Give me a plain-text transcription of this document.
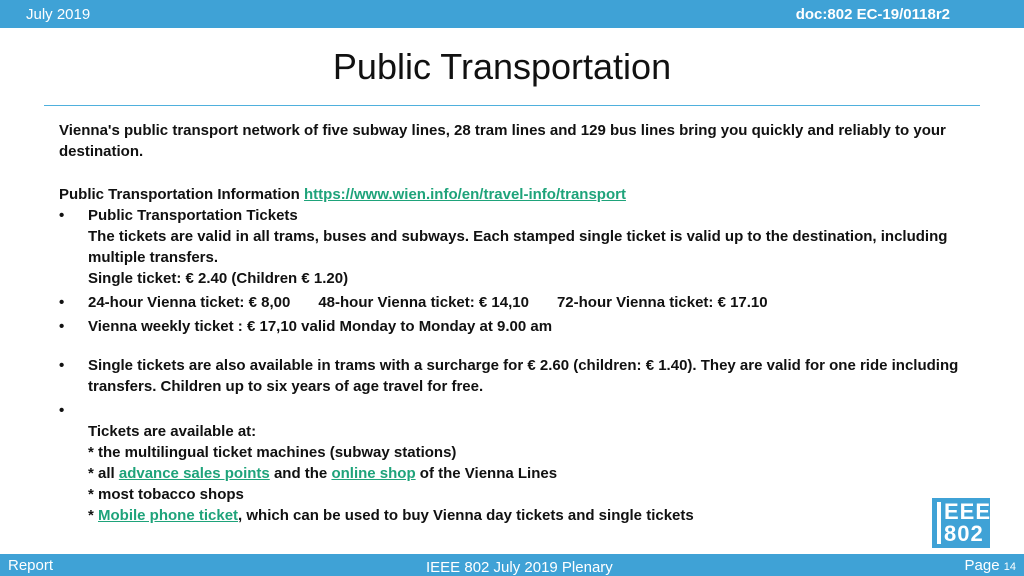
July 2019	doc:802 EC-19/0118r2
Public Transportation

Vienna's public transport network of five subway lines, 28 tram lines and 129 bus lines bring you quickly and reliably to your destination.

Public Transportation Information https://www.wien.info/en/travel-info/transport

• Public Transportation Tickets
The tickets are valid in all trams, buses and subways. Each stamped single ticket is valid up to the destination, including multiple transfers.
Single ticket: € 2.40 (Children € 1.20)
• 24-hour Vienna ticket: € 8,00 48-hour Vienna ticket: € 14,10 72-hour Vienna ticket: € 17.10
• Vienna weekly ticket : € 17,10 valid Monday to Monday at 9.00 am
• Single tickets are also available in trams with a surcharge for € 2.60 (children: € 1.40). They are valid for one ride including transfers. Children up to six years of age travel for free.
•
Tickets are available at:
* the multilingual ticket machines (subway stations)
* all advance sales points and the online shop of the Vienna Lines
* most tobacco shops
* Mobile phone ticket, which can be used to buy Vienna day tickets and single tickets	EEE
802
Report	IEEE 802 July 2019 Plenary	Page 14
